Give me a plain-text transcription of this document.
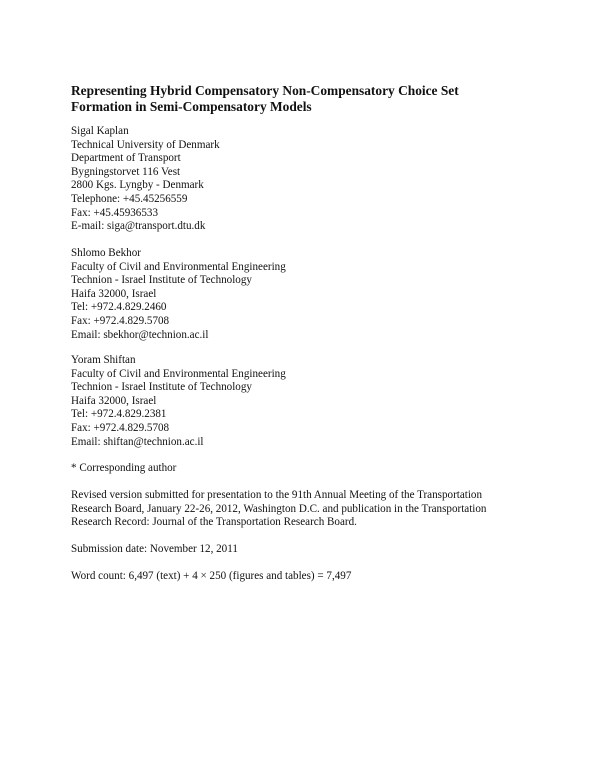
Representing Hybrid Compensatory Non-Compensatory Choice Set
Formation in Semi-Compensatory Models
Sigal Kaplan
Technical University of Denmark
Department of Transport
Bygningstorvet 116 Vest
2800 Kgs. Lyngby - Denmark
Telephone: +45.45256559
Fax: +45.45936533
E-mail: siga@transport.dtu.dk
Shlomo Bekhor
Faculty of Civil and Environmental Engineering
Technion - Israel Institute of Technology
Haifa 32000, Israel
Tel: +972.4.829.2460
Fax: +972.4.829.5708
Email: sbekhor@technion.ac.il
Yoram Shiftan
Faculty of Civil and Environmental Engineering
Technion - Israel Institute of Technology
Haifa 32000, Israel
Tel: +972.4.829.2381
Fax: +972.4.829.5708
Email: shiftan@technion.ac.il
* Corresponding author
Revised version submitted for presentation to the 91th Annual Meeting of the Transportation
Research Board, January 22-26, 2012, Washington D.C. and publication in the Transportation
Research Record: Journal of the Transportation Research Board.
Submission date: November 12, 2011
Word count: 6,497 (text) + 4 × 250 (figures and tables) = 7,497
